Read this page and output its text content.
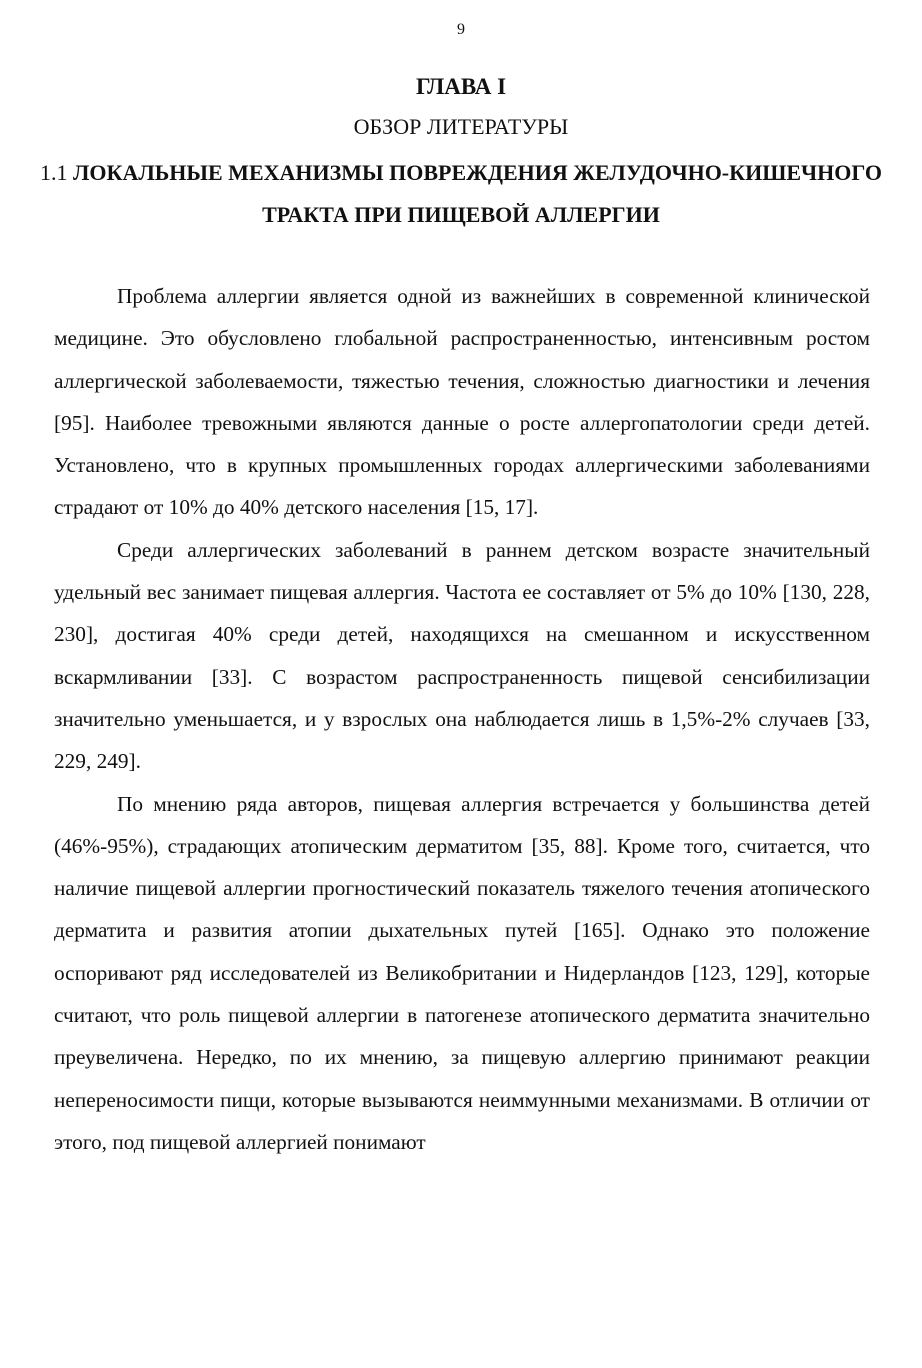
9
ГЛАВА I
ОБЗОР ЛИТЕРАТУРЫ
1.1 ЛОКАЛЬНЫЕ МЕХАНИЗМЫ ПОВРЕЖДЕНИЯ ЖЕЛУДОЧНО-КИШЕЧНОГО ТРАКТА ПРИ ПИЩЕВОЙ АЛЛЕРГИИ

Проблема аллергии является одной из важнейших в современной клинической медицине. Это обусловлено глобальной распространенностью, интенсивным ростом аллергической заболеваемости, тяжестью течения, сложностью диагностики и лечения [95]. Наиболее тревожными являются данные о росте аллергопатологии среди детей. Установлено, что в крупных промышленных городах аллергическими заболеваниями страдают от 10% до 40% детского населения [15, 17].

Среди аллергических заболеваний в раннем детском возрасте значительный удельный вес занимает пищевая аллергия. Частота ее составляет от 5% до 10% [130, 228, 230], достигая 40% среди детей, находящихся на смешанном и искусственном вскармливании [33]. С возрастом распространенность пищевой сенсибилизации значительно уменьшается, и у взрослых она наблюдается лишь в 1,5%-2% случаев [33, 229, 249].

По мнению ряда авторов, пищевая аллергия встречается у большинства детей (46%-95%), страдающих атопическим дерматитом [35, 88]. Кроме того, считается, что наличие пищевой аллергии прогностический показатель тяжелого течения атопического дерматита и развития атопии дыхательных путей [165]. Однако это положение оспоривают ряд исследователей из Великобритании и Нидерландов [123, 129], которые считают, что роль пищевой аллергии в патогенезе атопического дерматита значительно преувеличена. Нередко, по их мнению, за пищевую аллергию принимают реакции непереносимости пищи, которые вызываются неиммунными механизмами. В отличии от этого, под пищевой аллергией понимают
